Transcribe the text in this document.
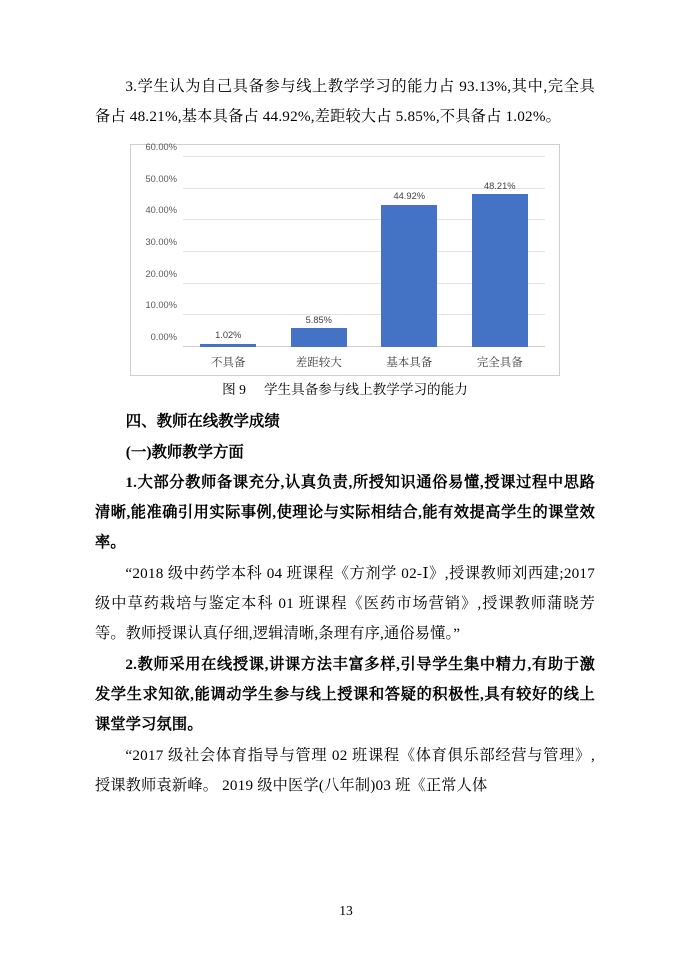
3.学生认为自己具备参与线上教学学习的能力占 93.13%,其中,完全具备占 48.21%,基本具备占 44.92%,差距较大占 5.85%,不具备占 1.02%。

60.00%
50.00%
40.00%
30.00%
20.00%
10.00%
0.00%	1.02%
不具备
5.85%
差距较大
44.92%
基本具备
48.21%
完全具备
图 9 学生具备参与线上教学学习的能力

四、教师在线教学成绩

(一)教师教学方面

1.大部分教师备课充分,认真负责,所授知识通俗易懂,授课过程中思路清晰,能准确引用实际事例,使理论与实际相结合,能有效提高学生的课堂效率。

“2018 级中药学本科 04 班课程《方剂学 02-Ⅰ》,授课教师刘西建;2017 级中草药栽培与鉴定本科 01 班课程《医药市场营销》,授课教师蒲晓芳等。教师授课认真仔细,逻辑清晰,条理有序,通俗易懂。”

2.教师采用在线授课,讲课方法丰富多样,引导学生集中精力,有助于激发学生求知欲,能调动学生参与线上授课和答疑的积极性,具有较好的线上课堂学习氛围。

“2017 级社会体育指导与管理 02 班课程《体育俱乐部经营与管理》,授课教师袁新峰。 2019 级中医学(八年制)03 班《正常人体

13
